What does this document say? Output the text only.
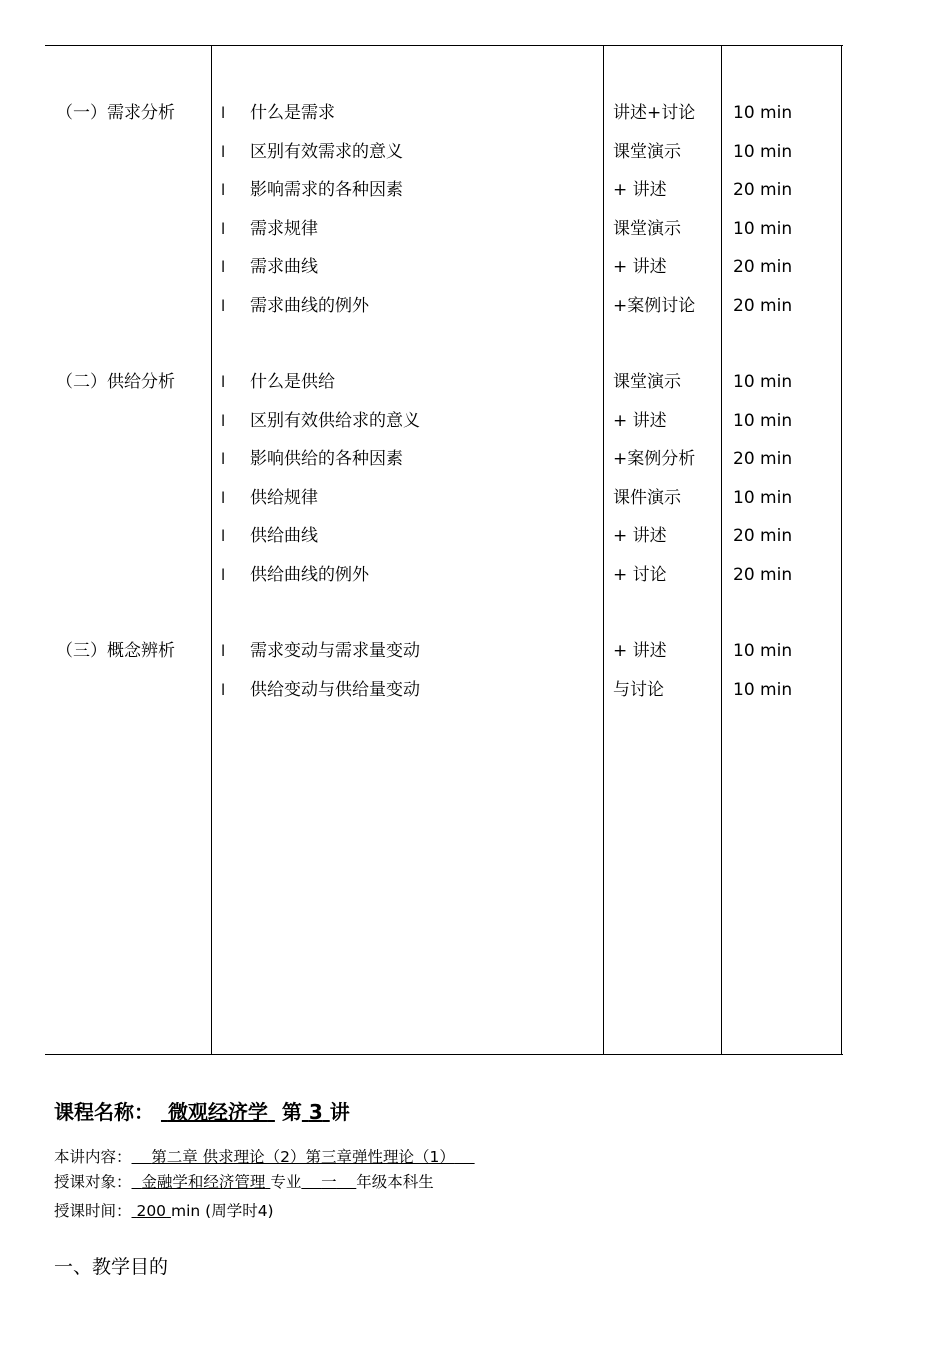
（一）需求分析	l 什么是需求	讲述+讨论 10 min
l 区别有效需求的意义	课堂演示	10 min
l 影响需求的各种因素	+ 讲述	20 min
l 需求规律	课堂演示	10 min
l 需求曲线	+ 讲述	20 min
l 需求曲线的例外	+案例讨论 20 min
（二）供给分析	l 什么是供给	课堂演示	10 min
l 区别有效供给求的意义	+ 讲述	10 min
l 影响供给的各种因素	+案例分析 20 min
l 供给规律	课件演示	10 min
l 供给曲线	+ 讲述	20 min
l 供给曲线的例外	+ 讨论	20 min
（三）概念辨析	l 需求变动与需求量变动	+ 讲述	10 min
l 供给变动与供给量变动	与讨论	10 min
课程名称： 微观经济学 第 3 讲
本讲内容： 第二章 供求理论（2）第三章弹性理论（1）
授课对象： 金融学和经济管理 专业 一 年级本科生
授课时间： 200 min (周学时4)
一、教学目的
